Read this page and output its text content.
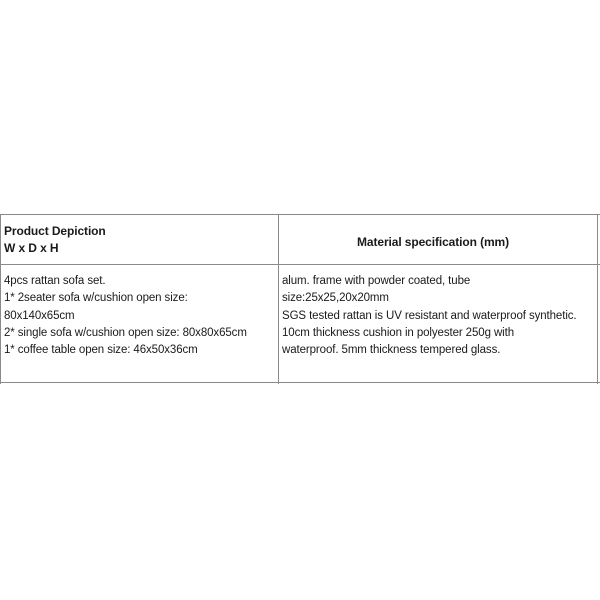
Product Depiction
W x D x H	Material specification (mm)
4pcs rattan sofa set.
1* 2seater sofa w/cushion open size:
80x140x65cm
2* single sofa w/cushion open size: 80x80x65cm
1* coffee table open size: 46x50x36cm
alum. frame with powder coated, tube
size:25x25,20x20mm
SGS tested rattan is UV resistant and waterproof synthetic.
10cm thickness cushion in polyester 250g with
waterproof. 5mm thickness tempered glass.
